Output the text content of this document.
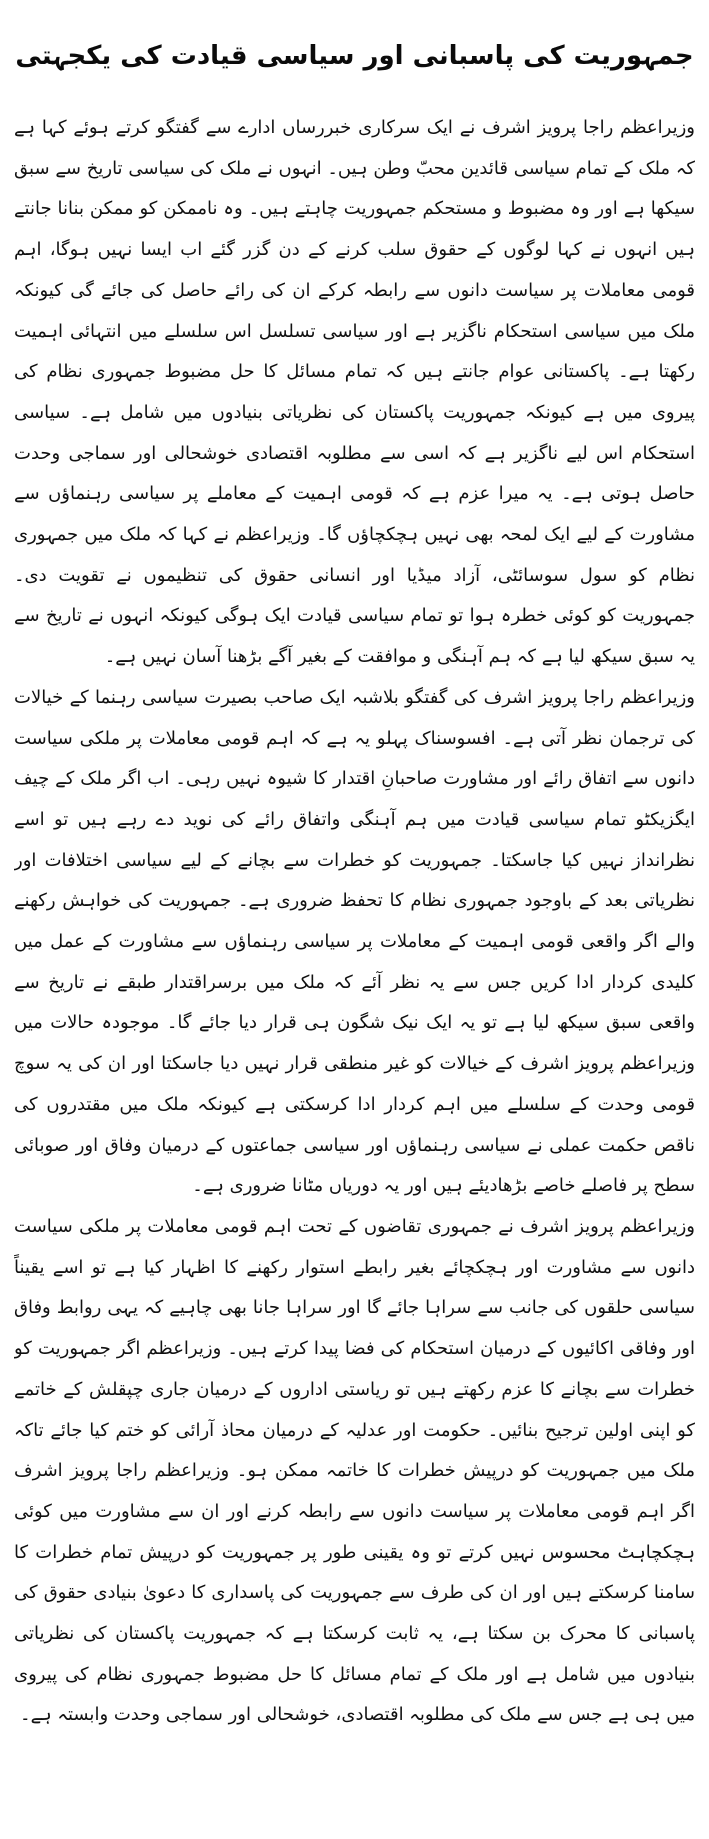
جمہوریت کی پاسبانی اور سیاسی قیادت کی یکجہتی

وزیراعظم راجا پرویز اشرف نے ایک سرکاری خبررساں ادارے سے گفتگو کرتے ہوئے کہا ہے کہ ملک کے تمام سیاسی قائدین محبّ وطن ہیں۔ انہوں نے ملک کی سیاسی تاریخ سے سبق سیکھا ہے اور وہ مضبوط و مستحکم جمہوریت چاہتے ہیں۔ وہ ناممکن کو ممکن بنانا جانتے ہیں انہوں نے کہا لوگوں کے حقوق سلب کرنے کے دن گزر گئے اب ایسا نہیں ہوگا، اہم قومی معاملات پر سیاست دانوں سے رابطہ کرکے ان کی رائے حاصل کی جائے گی کیونکہ ملک میں سیاسی استحکام ناگزیر ہے اور سیاسی تسلسل اس سلسلے میں انتہائی اہمیت رکھتا ہے۔ پاکستانی عوام جانتے ہیں کہ تمام مسائل کا حل مضبوط جمہوری نظام کی پیروی میں ہے کیونکہ جمہوریت پاکستان کی نظریاتی بنیادوں میں شامل ہے۔ سیاسی استحکام اس لیے ناگزیر ہے کہ اسی سے مطلوبہ اقتصادی خوشحالی اور سماجی وحدت حاصل ہوتی ہے۔ یہ میرا عزم ہے کہ قومی اہمیت کے معاملے پر سیاسی رہنماؤں سے مشاورت کے لیے ایک لمحہ بھی نہیں ہچکچاؤں گا۔ وزیراعظم نے کہا کہ ملک میں جمہوری نظام کو سول سوسائٹی، آزاد میڈیا اور انسانی حقوق کی تنظیموں نے تقویت دی۔ جمہوریت کو کوئی خطرہ ہوا تو تمام سیاسی قیادت ایک ہوگی کیونکہ انہوں نے تاریخ سے یہ سبق سیکھ لیا ہے کہ ہم آہنگی و موافقت کے بغیر آگے بڑھنا آسان نہیں ہے۔

وزیراعظم راجا پرویز اشرف کی گفتگو بلاشبہ ایک صاحب بصیرت سیاسی رہنما کے خیالات کی ترجمان نظر آتی ہے۔ افسوسناک پہلو یہ ہے کہ اہم قومی معاملات پر ملکی سیاست دانوں سے اتفاق رائے اور مشاورت صاحبانِ اقتدار کا شیوہ نہیں رہی۔ اب اگر ملک کے چیف ایگزیکٹو تمام سیاسی قیادت میں ہم آہنگی واتفاق رائے کی نوید دے رہے ہیں تو اسے نظرانداز نہیں کیا جاسکتا۔ جمہوریت کو خطرات سے بچانے کے لیے سیاسی اختلافات اور نظریاتی بعد کے باوجود جمہوری نظام کا تحفظ ضروری ہے۔ جمہوریت کی خواہش رکھنے والے اگر واقعی قومی اہمیت کے معاملات پر سیاسی رہنماؤں سے مشاورت کے عمل میں کلیدی کردار ادا کریں جس سے یہ نظر آئے کہ ملک میں برسراقتدار طبقے نے تاریخ سے واقعی سبق سیکھ لیا ہے تو یہ ایک نیک شگون ہی قرار دیا جائے گا۔ موجودہ حالات میں وزیراعظم پرویز اشرف کے خیالات کو غیر منطقی قرار نہیں دیا جاسکتا اور ان کی یہ سوچ قومی وحدت کے سلسلے میں اہم کردار ادا کرسکتی ہے کیونکہ ملک میں مقتدروں کی ناقص حکمت عملی نے سیاسی رہنماؤں اور سیاسی جماعتوں کے درمیان وفاق اور صوبائی سطح پر فاصلے خاصے بڑھادیئے ہیں اور یہ دوریاں مٹانا ضروری ہے۔

وزیراعظم پرویز اشرف نے جمہوری تقاضوں کے تحت اہم قومی معاملات پر ملکی سیاست دانوں سے مشاورت اور ہچکچائے بغیر رابطے استوار رکھنے کا اظہار کیا ہے تو اسے یقیناً سیاسی حلقوں کی جانب سے سراہا جائے گا اور سراہا جانا بھی چاہیے کہ یہی روابط وفاق اور وفاقی اکائیوں کے درمیان استحکام کی فضا پیدا کرتے ہیں۔ وزیراعظم اگر جمہوریت کو خطرات سے بچانے کا عزم رکھتے ہیں تو ریاستی اداروں کے درمیان جاری چپقلش کے خاتمے کو اپنی اولین ترجیح بنائیں۔ حکومت اور عدلیہ کے درمیان محاذ آرائی کو ختم کیا جائے تاکہ ملک میں جمہوریت کو درپیش خطرات کا خاتمہ ممکن ہو۔ وزیراعظم راجا پرویز اشرف اگر اہم قومی معاملات پر سیاست دانوں سے رابطہ کرنے اور ان سے مشاورت میں کوئی ہچکچاہٹ محسوس نہیں کرتے تو وہ یقینی طور پر جمہوریت کو درپیش تمام خطرات کا سامنا کرسکتے ہیں اور ان کی طرف سے جمہوریت کی پاسداری کا دعویٰ بنیادی حقوق کی پاسبانی کا محرک بن سکتا ہے، یہ ثابت کرسکتا ہے کہ جمہوریت پاکستان کی نظریاتی بنیادوں میں شامل ہے اور ملک کے تمام مسائل کا حل مضبوط جمہوری نظام کی پیروی میں ہی ہے جس سے ملک کی مطلوبہ اقتصادی، خوشحالی اور سماجی وحدت وابستہ ہے۔
